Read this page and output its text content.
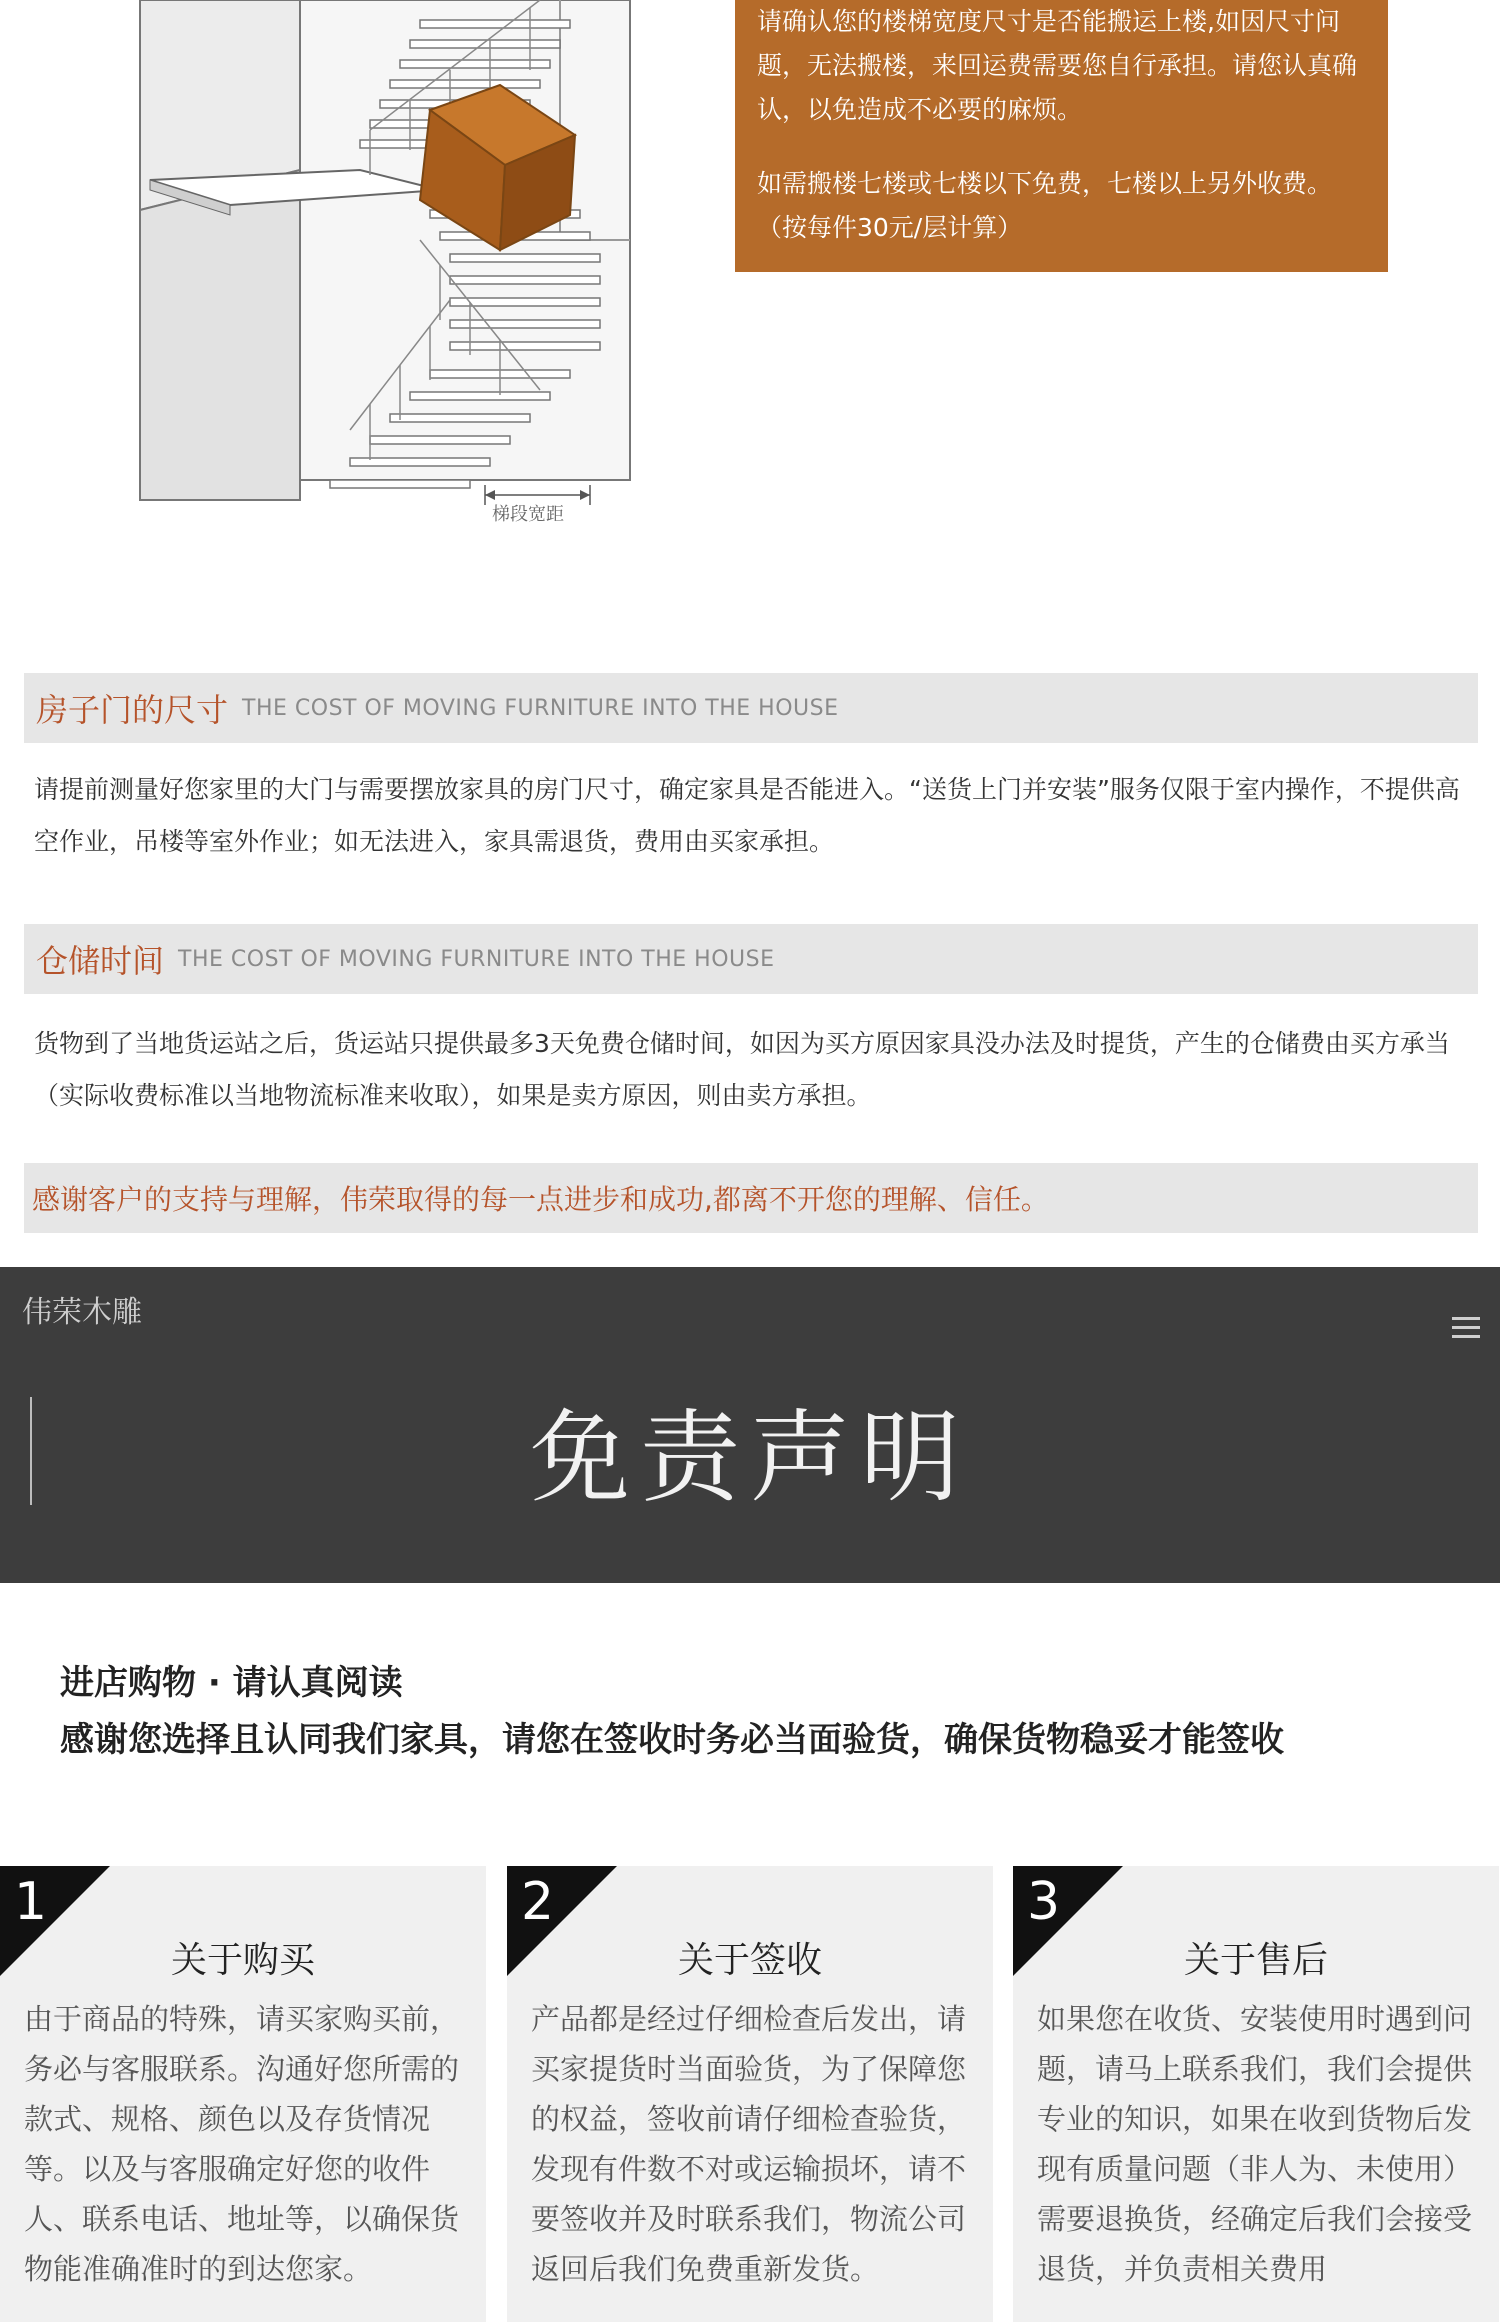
梯段宽距

请确认您的楼梯宽度尺寸是否能搬运上楼,如因尺寸问题，无法搬楼，来回运费需要您自行承担。请您认真确认，以免造成不必要的麻烦。

如需搬楼七楼或七楼以下免费，七楼以上另外收费。（按每件30元/层计算）

房子门的尺寸 THE COST OF MOVING FURNITURE INTO THE HOUSE

请提前测量好您家里的大门与需要摆放家具的房门尺寸，确定家具是否能进入。“送货上门并安装”服务仅限于室内操作，不提供高空作业，吊楼等室外作业；如无法进入，家具需退货，费用由买家承担。

仓储时间 THE COST OF MOVING FURNITURE INTO THE HOUSE

货物到了当地货运站之后，货运站只提供最多3天免费仓储时间，如因为买方原因家具没办法及时提货，产生的仓储费由买方承当（实际收费标准以当地物流标准来收取），如果是卖方原因，则由卖方承担。

感谢客户的支持与理解，伟荣取得的每一点进步和成功,都离不开您的理解、信任。
伟荣木雕
免责声明
进店购物 · 请认真阅读
感谢您选择且认同我们家具，请您在签收时务必当面验货，确保货物稳妥才能签收
1
关于购买

由于商品的特殊，请买家购买前，务必与客服联系。沟通好您所需的款式、规格、颜色以及存货情况等。以及与客服确定好您的收件人、联系电话、地址等，以确保货物能准确准时的到达您家。

2
关于签收

产品都是经过仔细检查后发出，请买家提货时当面验货，为了保障您的权益，签收前请仔细检查验货，发现有件数不对或运输损坏，请不要签收并及时联系我们，物流公司返回后我们免费重新发货。

3
关于售后

如果您在收货、安装使用时遇到问题，请马上联系我们，我们会提供专业的知识，如果在收到货物后发现有质量问题（非人为、未使用）需要退换货，经确定后我们会接受退货，并负责相关费用
